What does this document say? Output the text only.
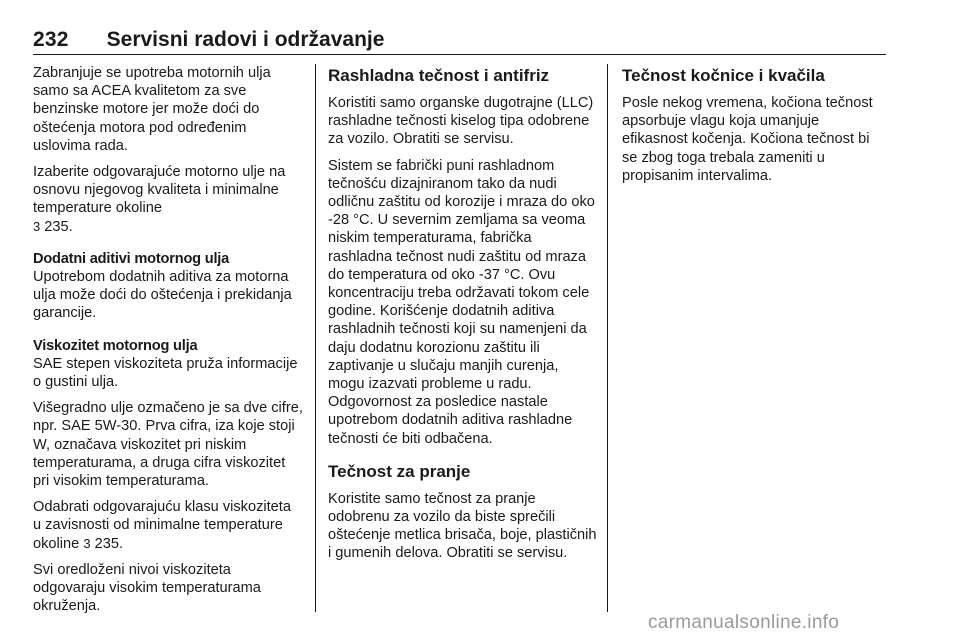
232 Servisni radovi i održavanje

Zabranjuje se upotreba motornih ulja samo sa ACEA kvalitetom za sve benzinske motore jer može doći do oštećenja motora pod određenim uslovima rada.

Izaberite odgovarajuće motorno ulje na osnovu njegovog kvaliteta i minimalne temperature okoline
3 235.

Dodatni aditivi motornog ulja

Upotrebom dodatnih aditiva za motorna ulja može doći do oštećenja i prekidanja garancije.

Viskozitet motornog ulja

SAE stepen viskoziteta pruža informacije o gustini ulja.

Višegradno ulje ozmačeno je sa dve cifre, npr. SAE 5W-30. Prva cifra, iza koje stoji W, označava viskozitet pri niskim temperaturama, a druga cifra viskozitet pri visokim temperaturama.

Odabrati odgovarajuću klasu viskoziteta u zavisnosti od minimalne temperature okoline 3 235.

Svi oredloženi nivoi viskoziteta odgovaraju visokim temperaturama okruženja.

Rashladna tečnost i antifriz

Koristiti samo organske dugotrajne (LLC) rashladne tečnosti kiselog tipa odobrene za vozilo. Obratiti se servisu.

Sistem se fabrički puni rashladnom tečnošću dizajniranom tako da nudi odličnu zaštitu od korozije i mraza do oko -28 °C. U severnim zemljama sa veoma niskim temperaturama, fabrička rashladna tečnost nudi zaštitu od mraza do temperatura od oko -37 °C. Ovu koncentraciju treba održavati tokom cele godine. Korišćenje dodatnih aditiva rashladnih tečnosti koji su namenjeni da daju dodatnu korozionu zaštitu ili zaptivanje u slučaju manjih curenja, mogu izazvati probleme u radu. Odgovornost za posledice nastale upotrebom dodatnih aditiva rashladne tečnosti će biti odbačena.

Tečnost za pranje

Koristite samo tečnost za pranje odobrenu za vozilo da biste sprečili oštećenje metlica brisača, boje, plastičnih i gumenih delova. Obratiti se servisu.

Tečnost kočnice i kvačila

Posle nekog vremena, kočiona tečnost apsorbuje vlagu koja umanjuje efikasnost kočenja. Kočiona tečnost bi se zbog toga trebala zameniti u propisanim intervalima.

carmanualsonline.info
